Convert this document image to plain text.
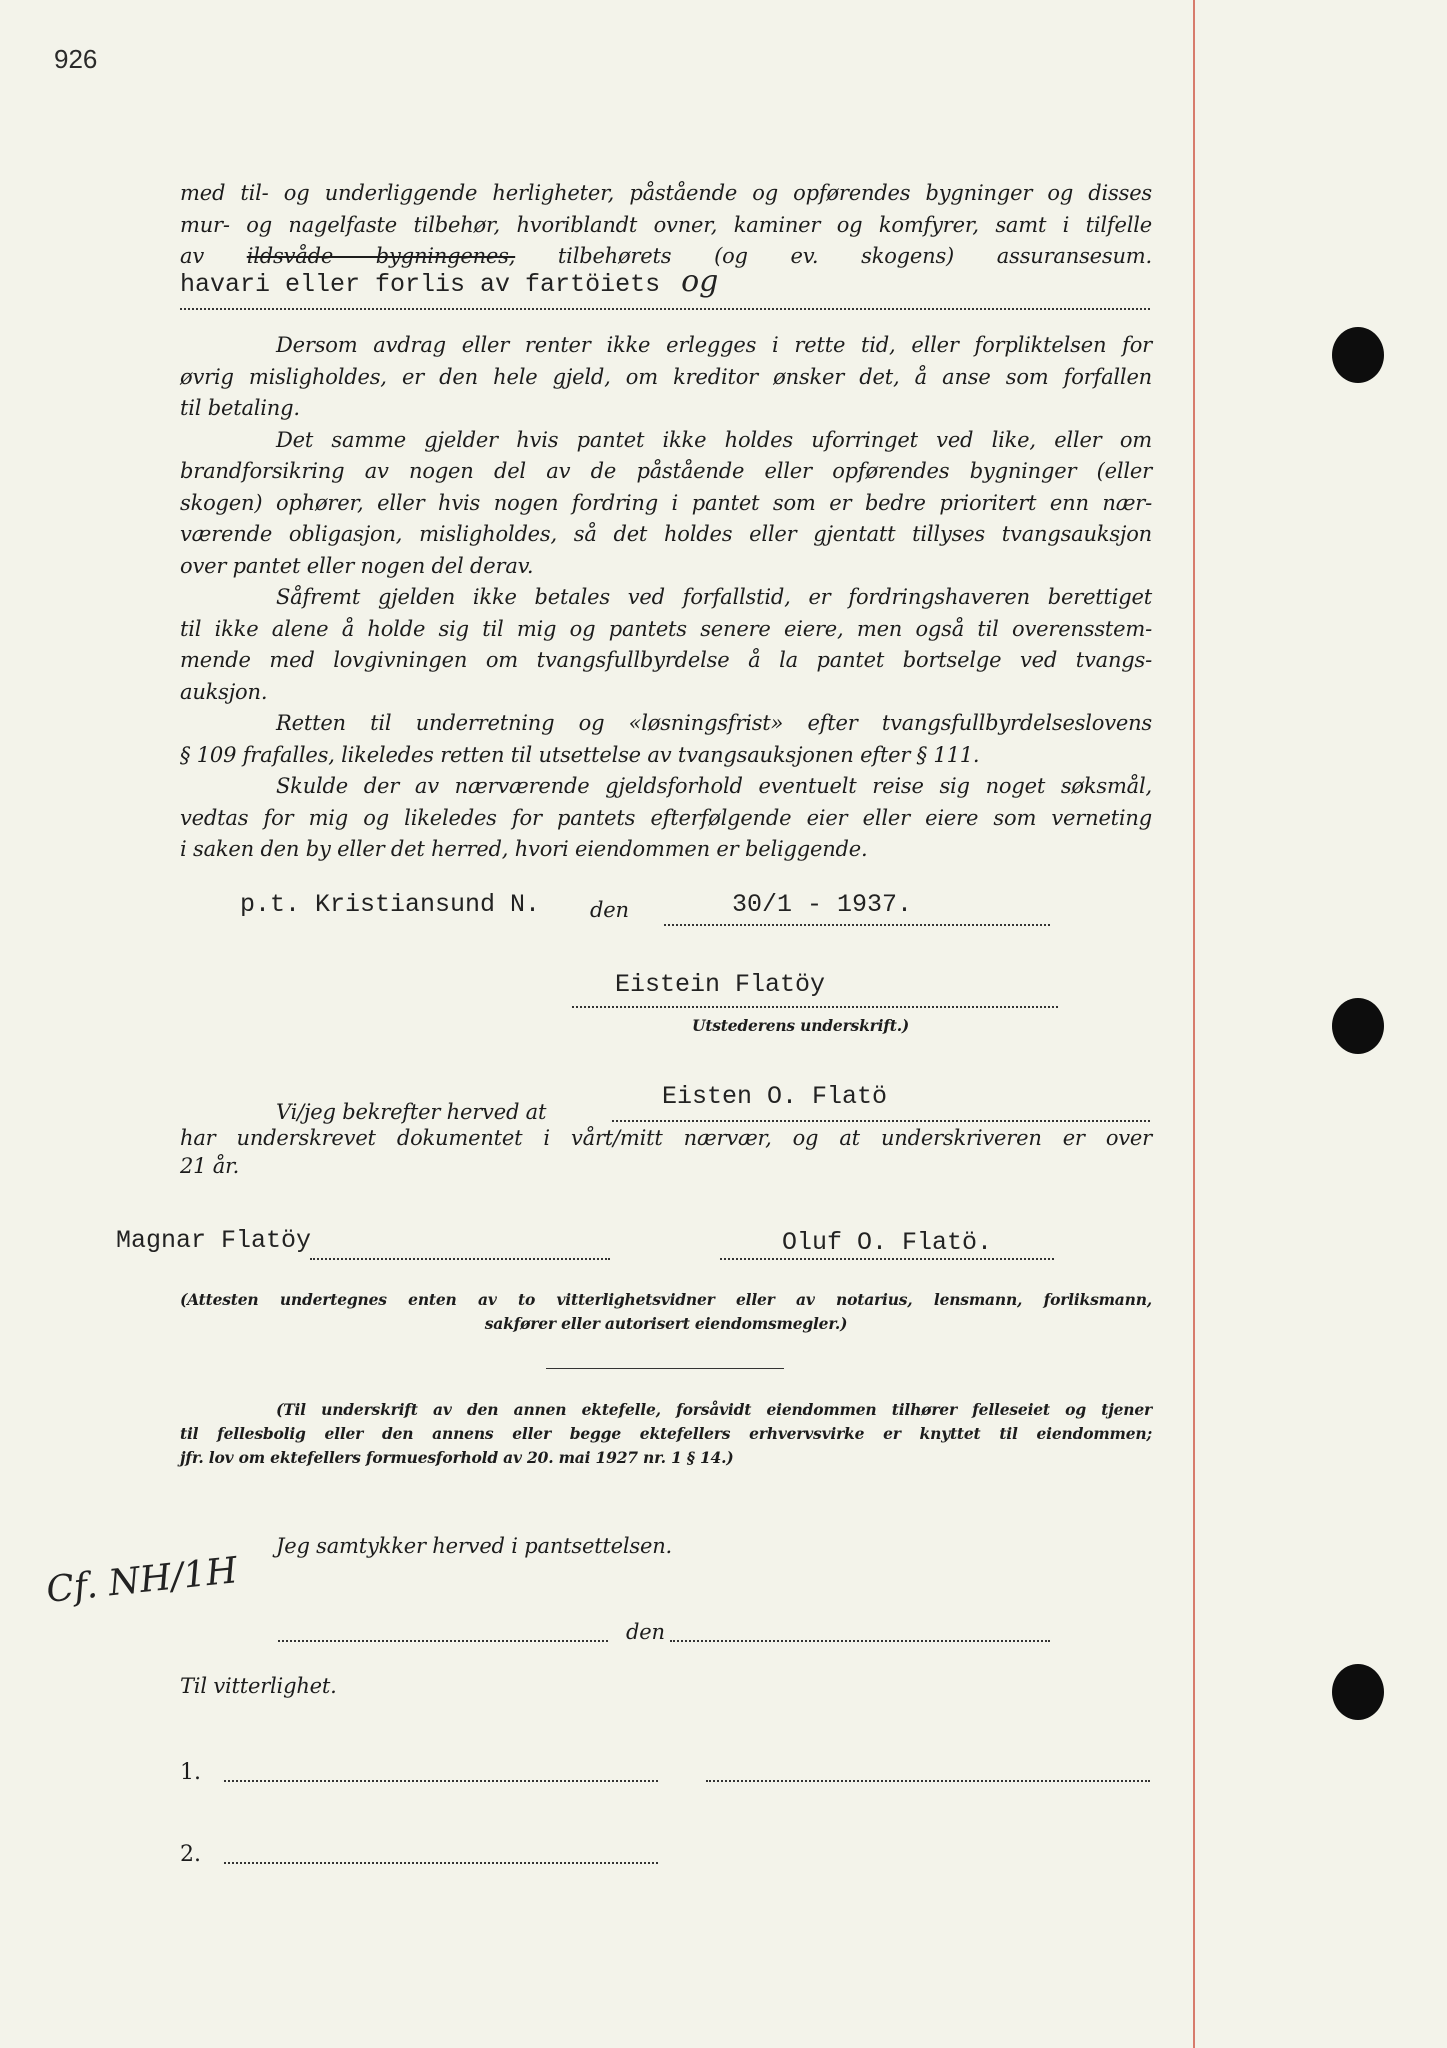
926
med til- og underliggende herligheter, påstående og opførendes bygninger og disses
mur- og nagelfaste tilbehør, hvoriblandt ovner, kaminer og komfyrer, samt i tilfelle
av ildsvåde bygningenes, tilbehørets (og ev. skogens) assuransesum.
havari eller forlis av fartöiets og
Dersom avdrag eller renter ikke erlegges i rette tid, eller forpliktelsen for
øvrig misligholdes, er den hele gjeld, om kreditor ønsker det, å anse som forfallen
til betaling.
Det samme gjelder hvis pantet ikke holdes uforringet ved like, eller om
brandforsikring av nogen del av de påstående eller opførendes bygninger (eller
skogen) ophører, eller hvis nogen fordring i pantet som er bedre prioritert enn nær-
værende obligasjon, misligholdes, så det holdes eller gjentatt tillyses tvangsauksjon
over pantet eller nogen del derav.
Såfremt gjelden ikke betales ved forfallstid, er fordringshaveren berettiget
til ikke alene å holde sig til mig og pantets senere eiere, men også til overensstem-
mende med lovgivningen om tvangsfullbyrdelse å la pantet bortselge ved tvangs-
auksjon.
Retten til underretning og «løsningsfrist» efter tvangsfullbyrdelseslovens
§ 109 frafalles, likeledes retten til utsettelse av tvangsauksjonen efter § 111.
Skulde der av nærværende gjeldsforhold eventuelt reise sig noget søksmål,
vedtas for mig og likeledes for pantets efterfølgende eier eller eiere som verneting
i saken den by eller det herred, hvori eiendommen er beliggende.
p.t. Kristiansund N. den	30/1 - 1937.
Eistein Flatöy
Utstederens underskrift.)
Vi/jeg bekrefter herved at
Eisten O. Flatö
har underskrevet dokumentet i vårt/mitt nærvær, og at underskriveren er over
21 år.
Magnar Flatöy	Oluf O. Flatö.
(Attesten undertegnes enten av to vitterlighetsvidner eller av notarius, lensmann, forliksmann,
sakfører eller autorisert eiendomsmegler.)
(Til underskrift av den annen ektefelle, forsåvidt eiendommen tilhører felleseiet og tjener
til fellesbolig eller den annens eller begge ektefellers erhvervsvirke er knyttet til eiendommen;
jfr. lov om ektefellers formuesforhold av 20. mai 1927 nr. 1 § 14.)
Jeg samtykker herved i pantsettelsen.
Cf. NH/1H
den
Til vitterlighet.
1.
2.
